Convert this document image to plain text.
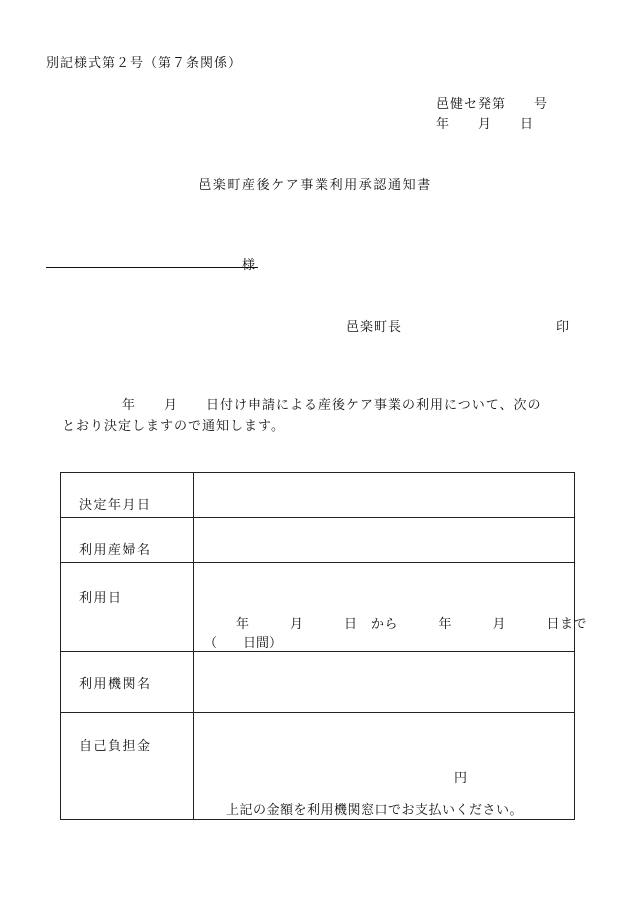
別記様式第２号（第７条関係）
邑健セ発第　　号
年　　月　　日
邑楽町産後ケア事業利用承認通知書
様
邑楽町長	印
年　　月　　日付け申請による産後ケア事業の利用について、次の
とおり決定しますので通知します。
決定年月日	
利用産婦名	
利用日	年　　　月　　　日　から　　　年　　　月　　　日まで
（　　日間）

利用機関名	
自己負担金	円
上記の金額を利用機関窓口でお支払いください。
